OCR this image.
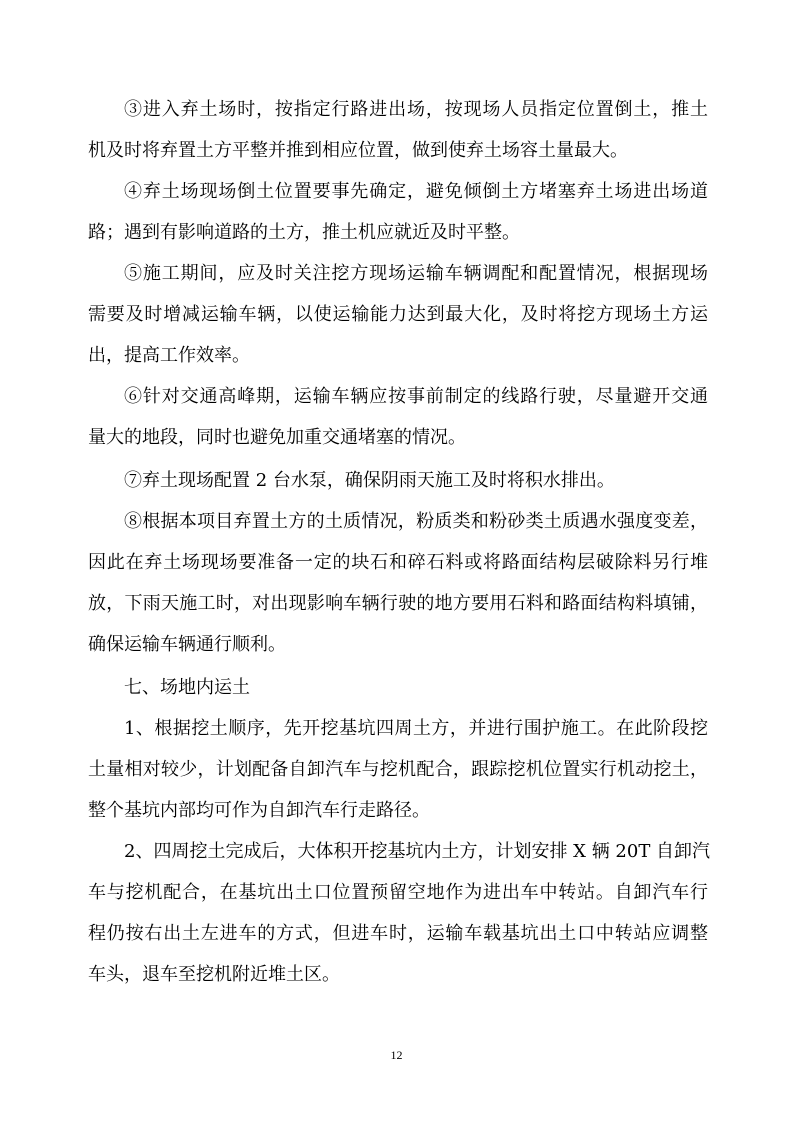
③进入弃土场时，按指定行路进出场，按现场人员指定位置倒土，推土
机及时将弃置土方平整并推到相应位置，做到使弃土场容土量最大。
④弃土场现场倒土位置要事先确定，避免倾倒土方堵塞弃土场进出场道
路；遇到有影响道路的土方，推土机应就近及时平整。
⑤施工期间，应及时关注挖方现场运输车辆调配和配置情况，根据现场
需要及时增减运输车辆，以使运输能力达到最大化，及时将挖方现场土方运
出，提高工作效率。
⑥针对交通高峰期，运输车辆应按事前制定的线路行驶，尽量避开交通
量大的地段，同时也避免加重交通堵塞的情况。
⑦弃土现场配置 2 台水泵，确保阴雨天施工及时将积水排出。
⑧根据本项目弃置土方的土质情况，粉质类和粉砂类土质遇水强度变差，
因此在弃土场现场要准备一定的块石和碎石料或将路面结构层破除料另行堆
放，下雨天施工时，对出现影响车辆行驶的地方要用石料和路面结构料填铺，
确保运输车辆通行顺利。
七、场地内运土
1、根据挖土顺序，先开挖基坑四周土方，并进行围护施工。在此阶段挖
土量相对较少，计划配备自卸汽车与挖机配合，跟踪挖机位置实行机动挖土，
整个基坑内部均可作为自卸汽车行走路径。
2、四周挖土完成后，大体积开挖基坑内土方，计划安排 X 辆 20T 自卸汽
车与挖机配合，在基坑出土口位置预留空地作为进出车中转站。自卸汽车行
程仍按右出土左进车的方式，但进车时，运输车载基坑出土口中转站应调整
车头，退车至挖机附近堆土区。
12
